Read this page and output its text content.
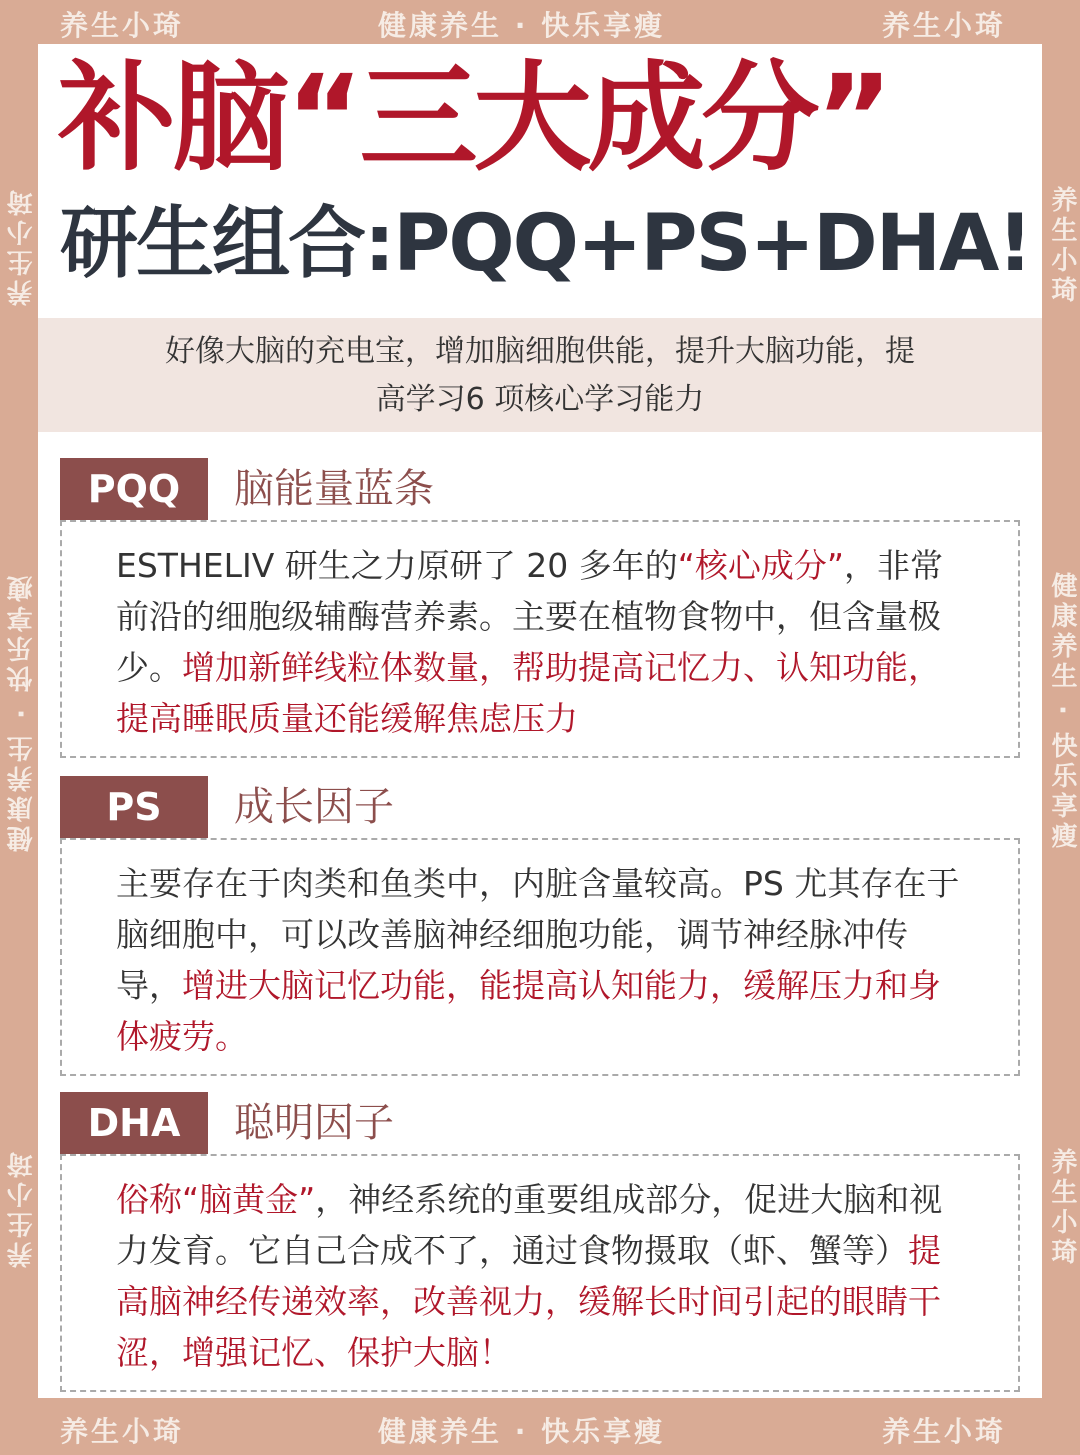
养生小琦	健康养生 · 快乐享瘦	养生小琦
养生小琦	健康养生 · 快乐享瘦	养生小琦
养生小琦
健康养生 · 快乐享瘦
养生小琦
养生小琦
健康养生 · 快乐享瘦
养生小琦
补脑“三大成分”
研生组合:PQQ+PS+DHA!
好像大脑的充电宝，增加脑细胞供能，提升大脑功能，提
高学习6 项核心学习能力
PQQ	脑能量蓝条
ESTHELIV 研生之力原研了 20 多年的“核心成分”，非常前沿的细胞级辅酶营养素。主要在植物食物中，但含量极少。增加新鲜线粒体数量，帮助提高记忆力、认知功能，提高睡眠质量还能缓解焦虑压力
PS	成长因子
主要存在于肉类和鱼类中，内脏含量较高。PS 尤其存在于脑细胞中，可以改善脑神经细胞功能，调节神经脉冲传导，增进大脑记忆功能，能提高认知能力，缓解压力和身体疲劳。
DHA	聪明因子
俗称“脑黄金”，神经系统的重要组成部分，促进大脑和视力发育。它自己合成不了，通过食物摄取（虾、蟹等）提高脑神经传递效率，改善视力，缓解长时间引起的眼睛干涩，增强记忆、保护大脑！
